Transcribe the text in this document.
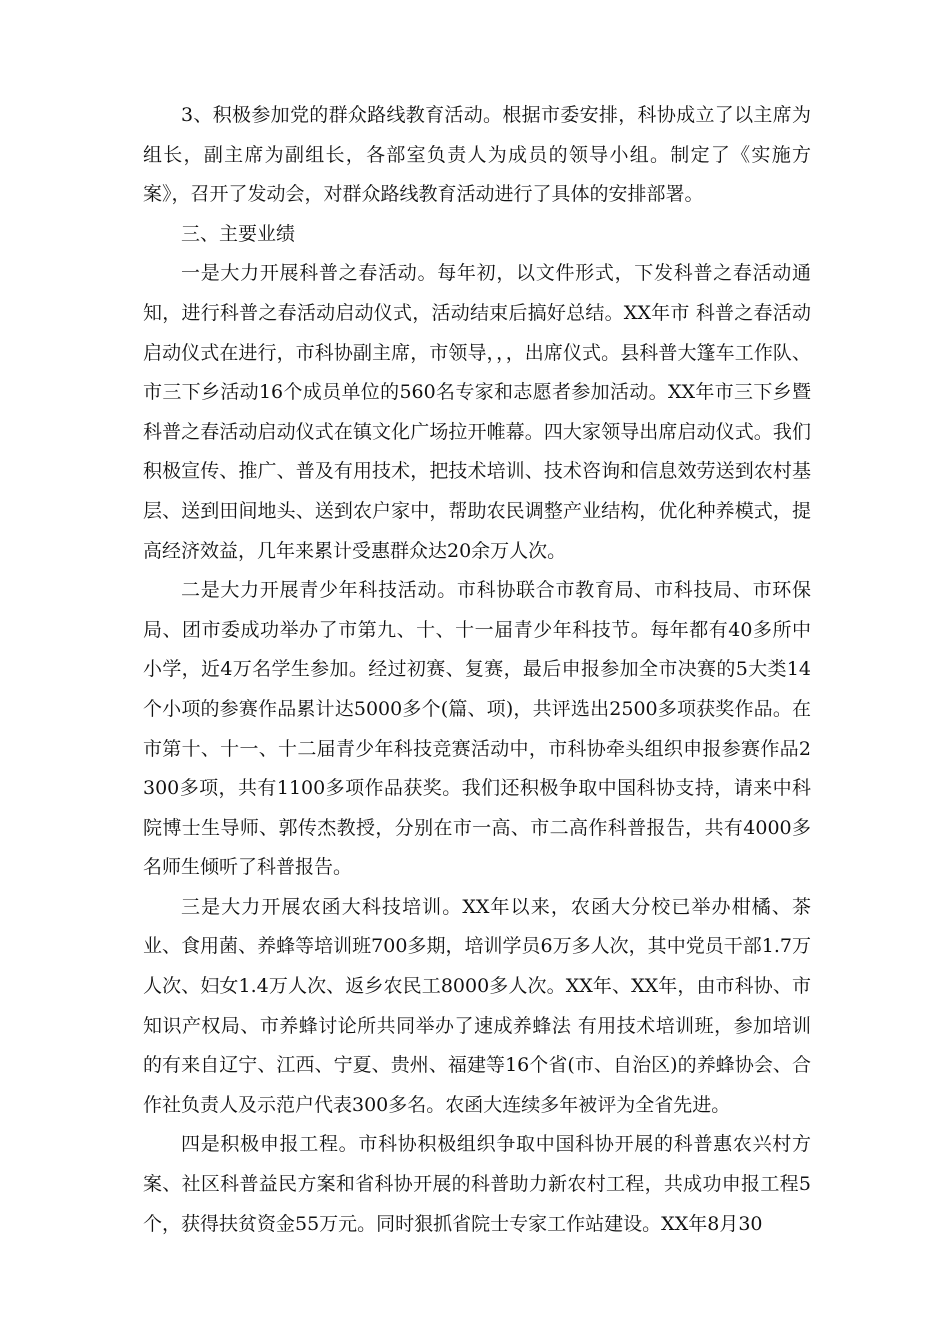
3、积极参加党的群众路线教育活动。根据市委安排，科协成立了以主席为组长，副主席为副组长，各部室负责人为成员的领导小组。制定了《实施方案》，召开了发动会，对群众路线教育活动进行了具体的安排部署。

三、主要业绩

一是大力开展科普之春活动。每年初，以文件形式，下发科普之春活动通知，进行科普之春活动启动仪式，活动结束后搞好总结。XX年市 科普之春活动启动仪式在进行，市科协副主席，市领导，，，出席仪式。县科普大篷车工作队、市三下乡活动16个成员单位的560名专家和志愿者参加活动。XX年市三下乡暨科普之春活动启动仪式在镇文化广场拉开帷幕。四大家领导出席启动仪式。我们积极宣传、推广、普及有用技术，把技术培训、技术咨询和信息效劳送到农村基层、送到田间地头、送到农户家中，帮助农民调整产业结构，优化种养模式，提高经济效益，几年来累计受惠群众达20余万人次。

二是大力开展青少年科技活动。市科协联合市教育局、市科技局、市环保局、团市委成功举办了市第九、十、十一届青少年科技节。每年都有40多所中小学，近4万名学生参加。经过初赛、复赛，最后申报参加全市决赛的5大类14个小项的参赛作品累计达5000多个(篇、项)，共评选出2500多项获奖作品。在市第十、十一、十二届青少年科技竞赛活动中，市科协牵头组织申报参赛作品2300多项，共有1100多项作品获奖。我们还积极争取中国科协支持，请来中科院博士生导师、郭传杰教授，分别在市一高、市二高作科普报告，共有4000多名师生倾听了科普报告。

三是大力开展农函大科技培训。XX年以来，农函大分校已举办柑橘、茶业、食用菌、养蜂等培训班700多期，培训学员6万多人次，其中党员干部1.7万人次、妇女1.4万人次、返乡农民工8000多人次。XX年、XX年，由市科协、市知识产权局、市养蜂讨论所共同举办了速成养蜂法 有用技术培训班，参加培训的有来自辽宁、江西、宁夏、贵州、福建等16个省(市、自治区)的养蜂协会、合作社负责人及示范户代表300多名。农函大连续多年被评为全省先进。

四是积极申报工程。市科协积极组织争取中国科协开展的科普惠农兴村方案、社区科普益民方案和省科协开展的科普助力新农村工程，共成功申报工程5个，获得扶贫资金55万元。同时狠抓省院士专家工作站建设。XX年8月30
